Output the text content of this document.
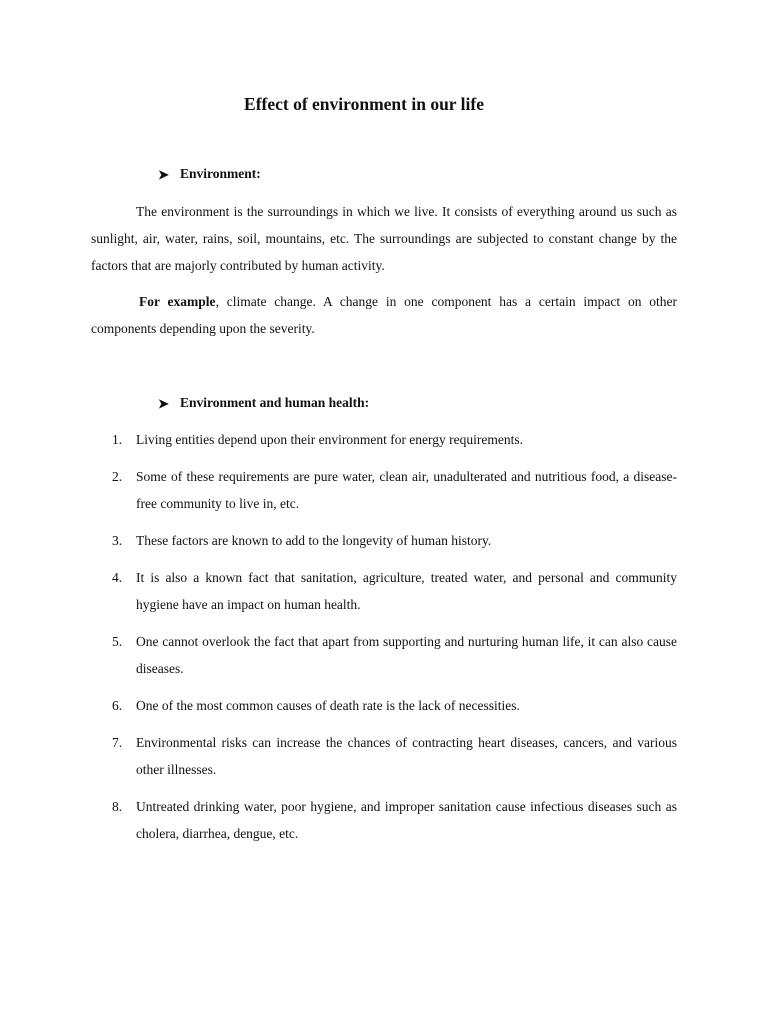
Effect of environment in our life
➤ Environment:

The environment is the surroundings in which we live. It consists of everything around us such as sunlight, air, water, rains, soil, mountains, etc. The surroundings are subjected to constant change by the factors that are majorly contributed by human activity.

For example, climate change. A change in one component has a certain impact on other components depending upon the severity.

➤ Environment and human health:
1. Living entities depend upon their environment for energy requirements.
2. Some of these requirements are pure water, clean air, unadulterated and nutritious food, a disease-free community to live in, etc.
3. These factors are known to add to the longevity of human history.
4. It is also a known fact that sanitation, agriculture, treated water, and personal and community hygiene have an impact on human health.
5. One cannot overlook the fact that apart from supporting and nurturing human life, it can also cause diseases.
6. One of the most common causes of death rate is the lack of necessities.
7. Environmental risks can increase the chances of contracting heart diseases, cancers, and various other illnesses.
8. Untreated drinking water, poor hygiene, and improper sanitation cause infectious diseases such as cholera, diarrhea, dengue, etc.
